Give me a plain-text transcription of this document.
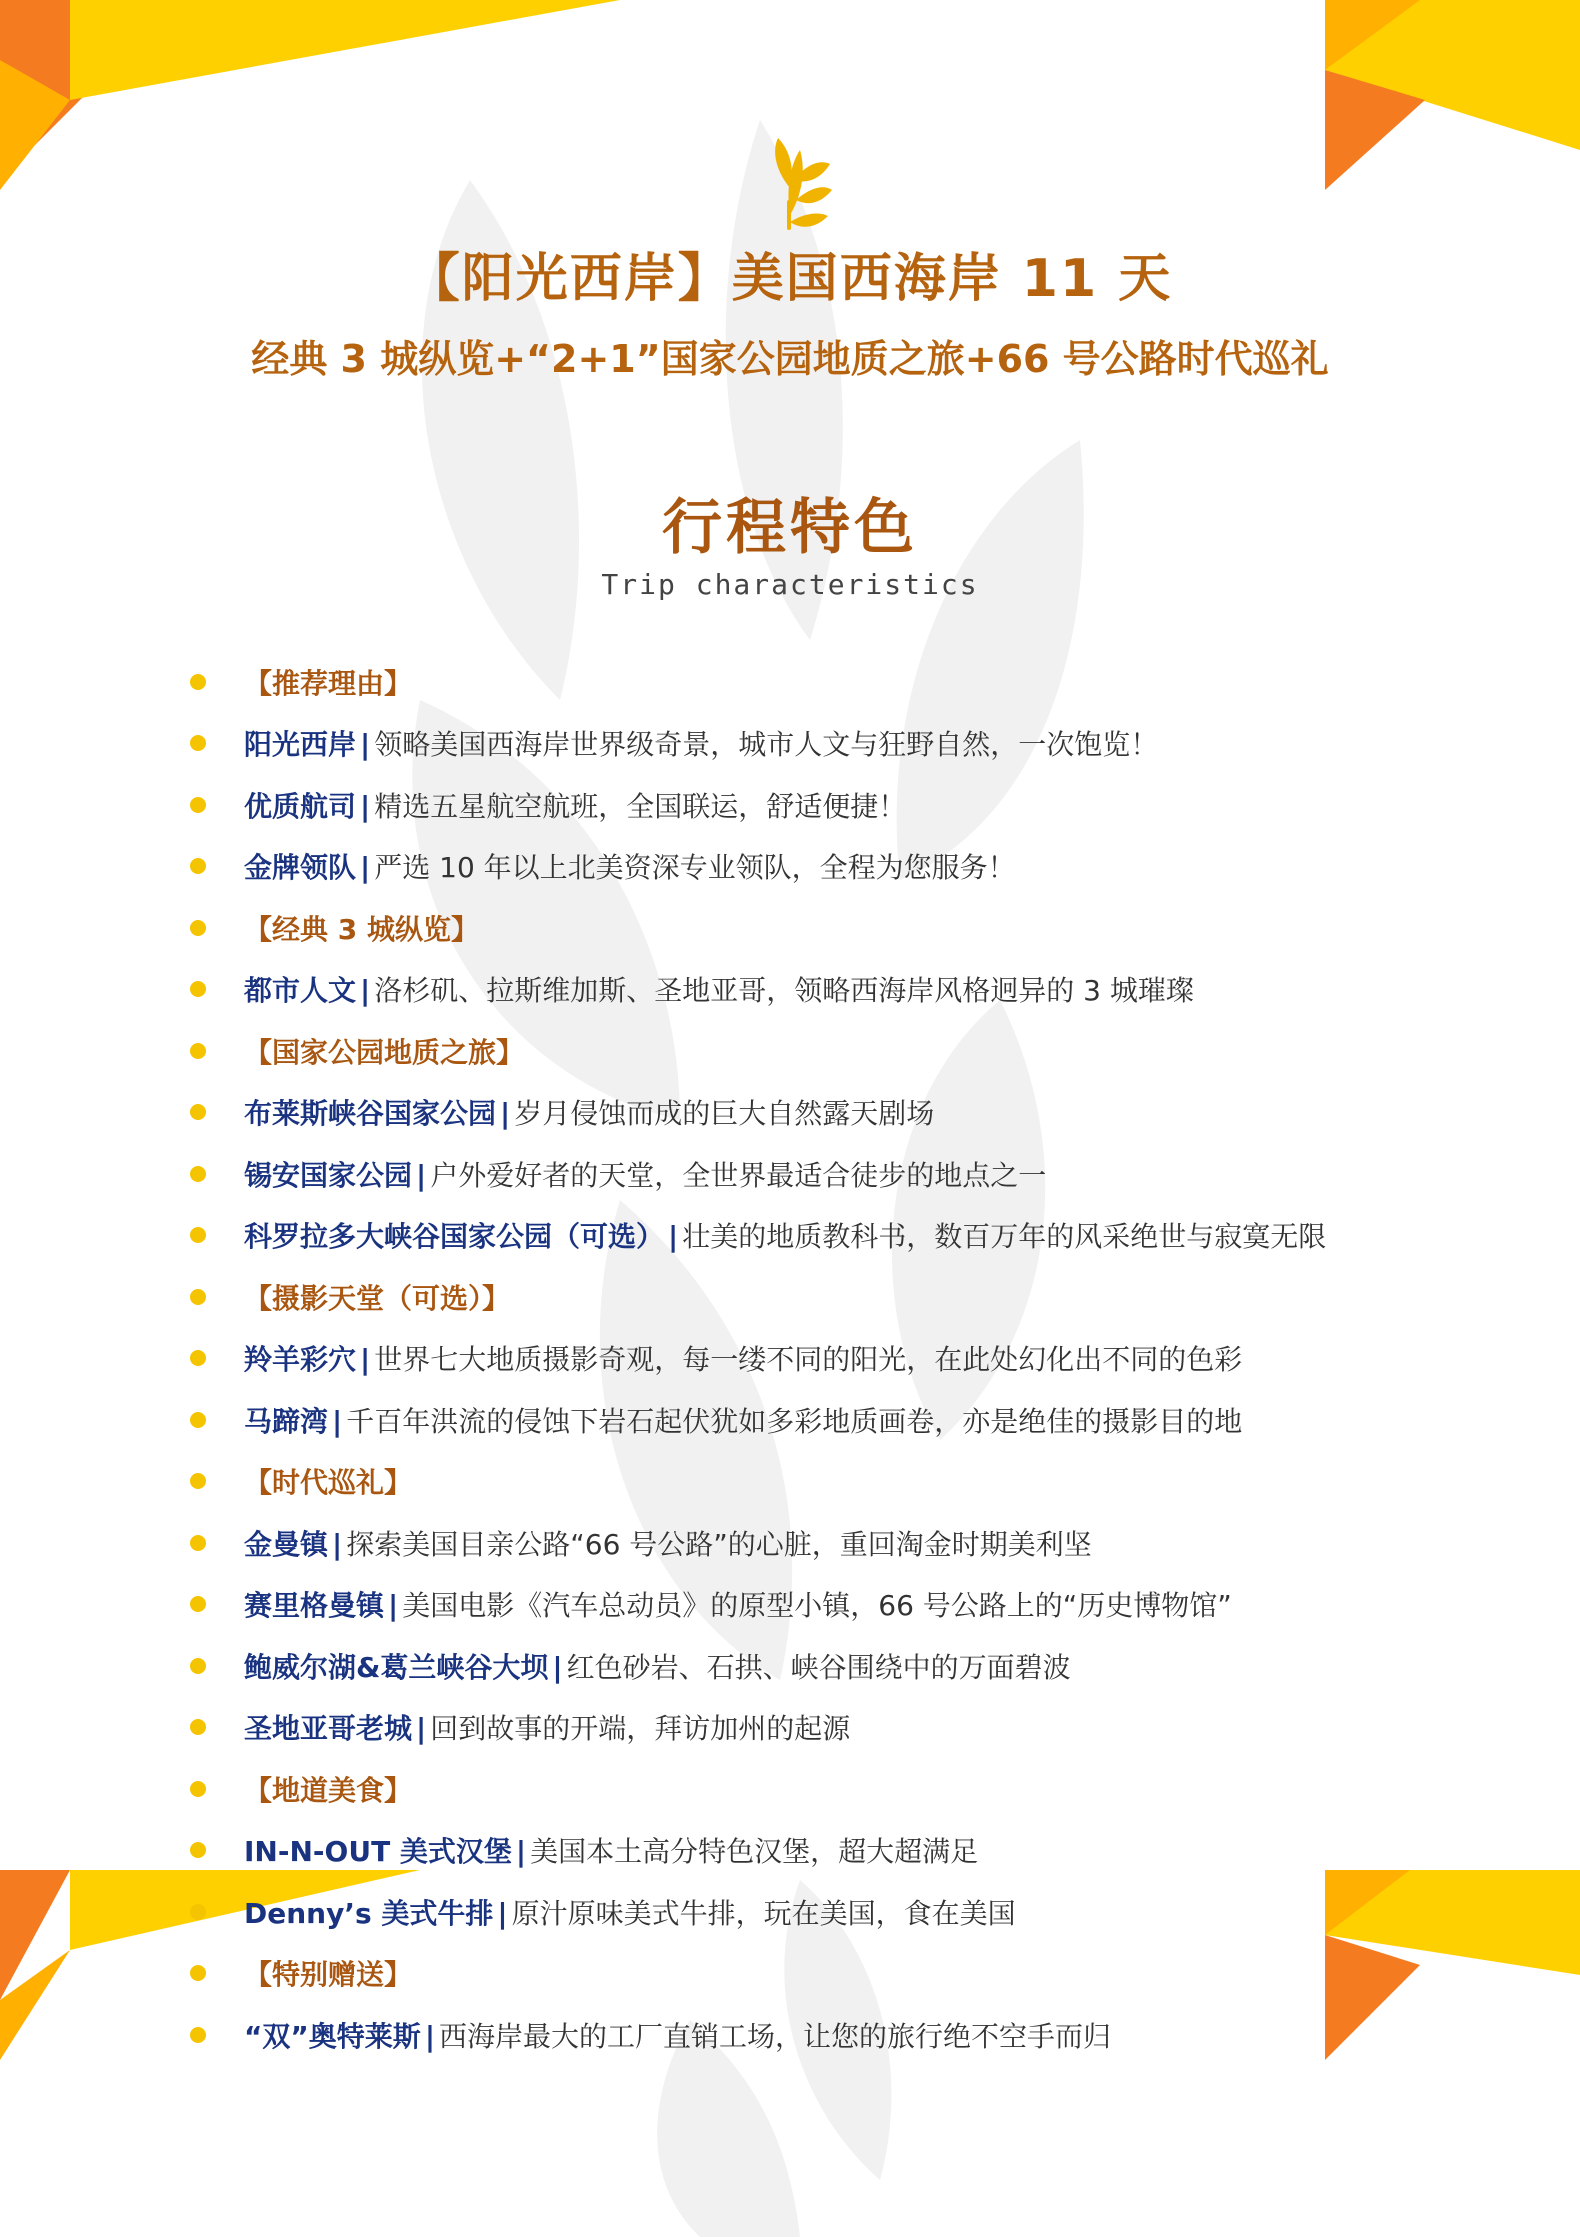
【阳光西岸】美国西海岸 11 天
经典 3 城纵览+“2+1”国家公园地质之旅+66 号公路时代巡礼
行程特色
Trip characteristics
【推荐理由】
阳光西岸 | 领略美国西海岸世界级奇景，城市人文与狂野自然，一次饱览！
优质航司 | 精选五星航空航班，全国联运，舒适便捷！
金牌领队 | 严选 10 年以上北美资深专业领队，全程为您服务！
【经典 3 城纵览】
都市人文 | 洛杉矶、拉斯维加斯、圣地亚哥，领略西海岸风格迥异的 3 城璀璨
【国家公园地质之旅】
布莱斯峡谷国家公园 | 岁月侵蚀而成的巨大自然露天剧场
锡安国家公园 | 户外爱好者的天堂，全世界最适合徒步的地点之一
科罗拉多大峡谷国家公园（可选） | 壮美的地质教科书，数百万年的风采绝世与寂寞无限
【摄影天堂（可选）】
羚羊彩穴 | 世界七大地质摄影奇观，每一缕不同的阳光，在此处幻化出不同的色彩
马蹄湾 | 千百年洪流的侵蚀下岩石起伏犹如多彩地质画卷，亦是绝佳的摄影目的地
【时代巡礼】
金曼镇 | 探索美国目亲公路“66 号公路”的心脏，重回淘金时期美利坚
赛里格曼镇 | 美国电影《汽车总动员》的原型小镇，66 号公路上的“历史博物馆”
鲍威尔湖&葛兰峡谷大坝 | 红色砂岩、石拱、峡谷围绕中的万面碧波
圣地亚哥老城 | 回到故事的开端，拜访加州的起源
【地道美食】
IN-N-OUT 美式汉堡 | 美国本土高分特色汉堡，超大超满足
Denny’s 美式牛排 | 原汁原味美式牛排，玩在美国，食在美国
【特别赠送】
“双”奥特莱斯 | 西海岸最大的工厂直销工场，让您的旅行绝不空手而归
